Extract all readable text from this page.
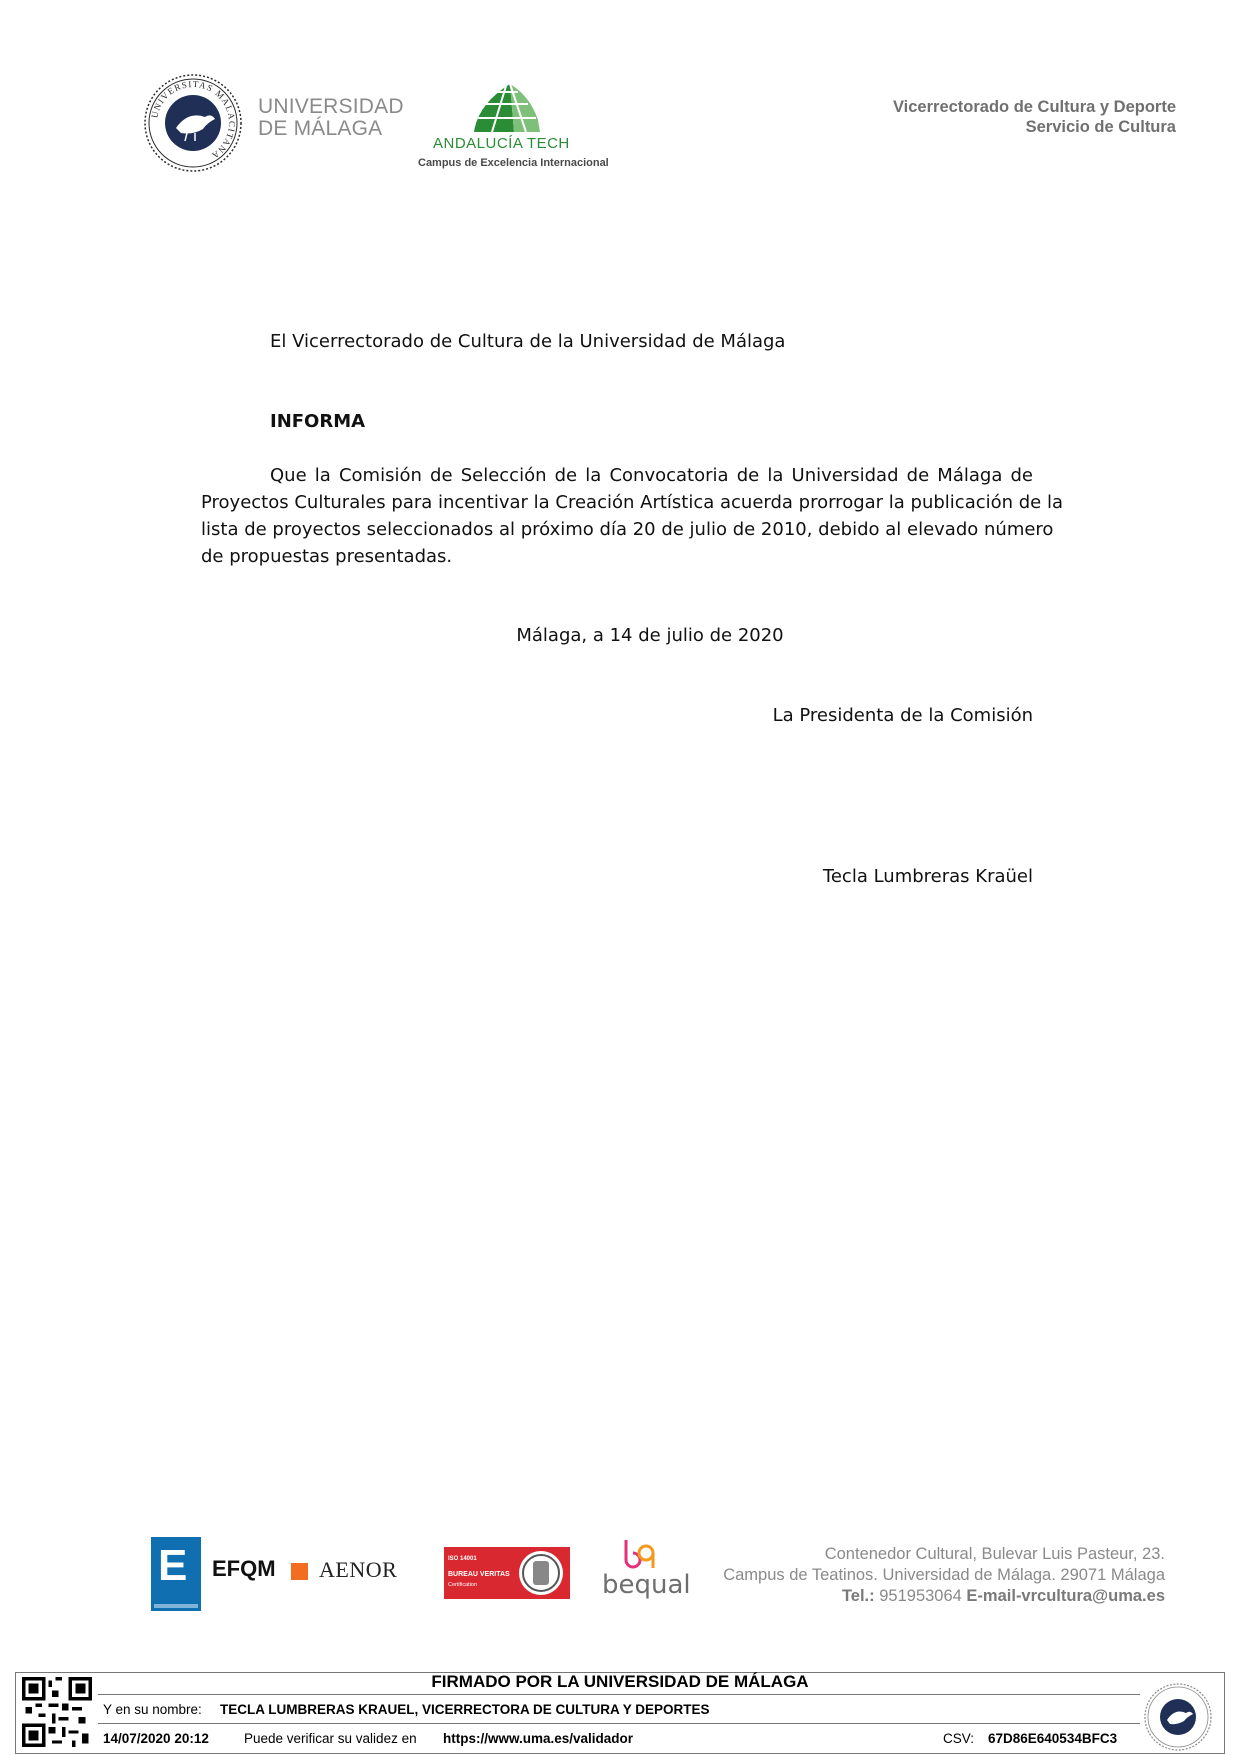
UNIVERSITAS MALACITANA
UNIVERSIDAD
DE MÁLAGA
ANDALUCÍA TECH
Campus de Excelencia Internacional
Vicerrectorado de Cultura y Deporte
Servicio de Cultura
El Vicerrectorado de Cultura de la Universidad de Málaga
INFORMA
Que la Comisión de Selección de la Convocatoria de la Universidad de Málaga de
Proyectos Culturales para incentivar la Creación Artística acuerda prorrogar la publicación de la
lista de proyectos seleccionados al próximo día 20 de julio de 2010, debido al elevado número
de propuestas presentadas.
Málaga, a 14 de julio de 2020
La Presidenta de la Comisión
Tecla Lumbreras Kraüel
E EFQM AENOR	ISO 14001
BUREAU VERITAS
Certification	bequal
Contenedor Cultural, Bulevar Luis Pasteur, 23.
Campus de Teatinos. Universidad de Málaga. 29071 Málaga
Tel.: 951953064 E-mail-vrcultura@uma.es
FIRMADO POR LA UNIVERSIDAD DE MÁLAGA
Y en su nombre: TECLA LUMBRERAS KRAUEL, VICERRECTORA DE CULTURA Y DEPORTES
14/07/2020 20:12	Puede verificar su validez en https://www.uma.es/validador	CSV: 67D86E640534BFC3
